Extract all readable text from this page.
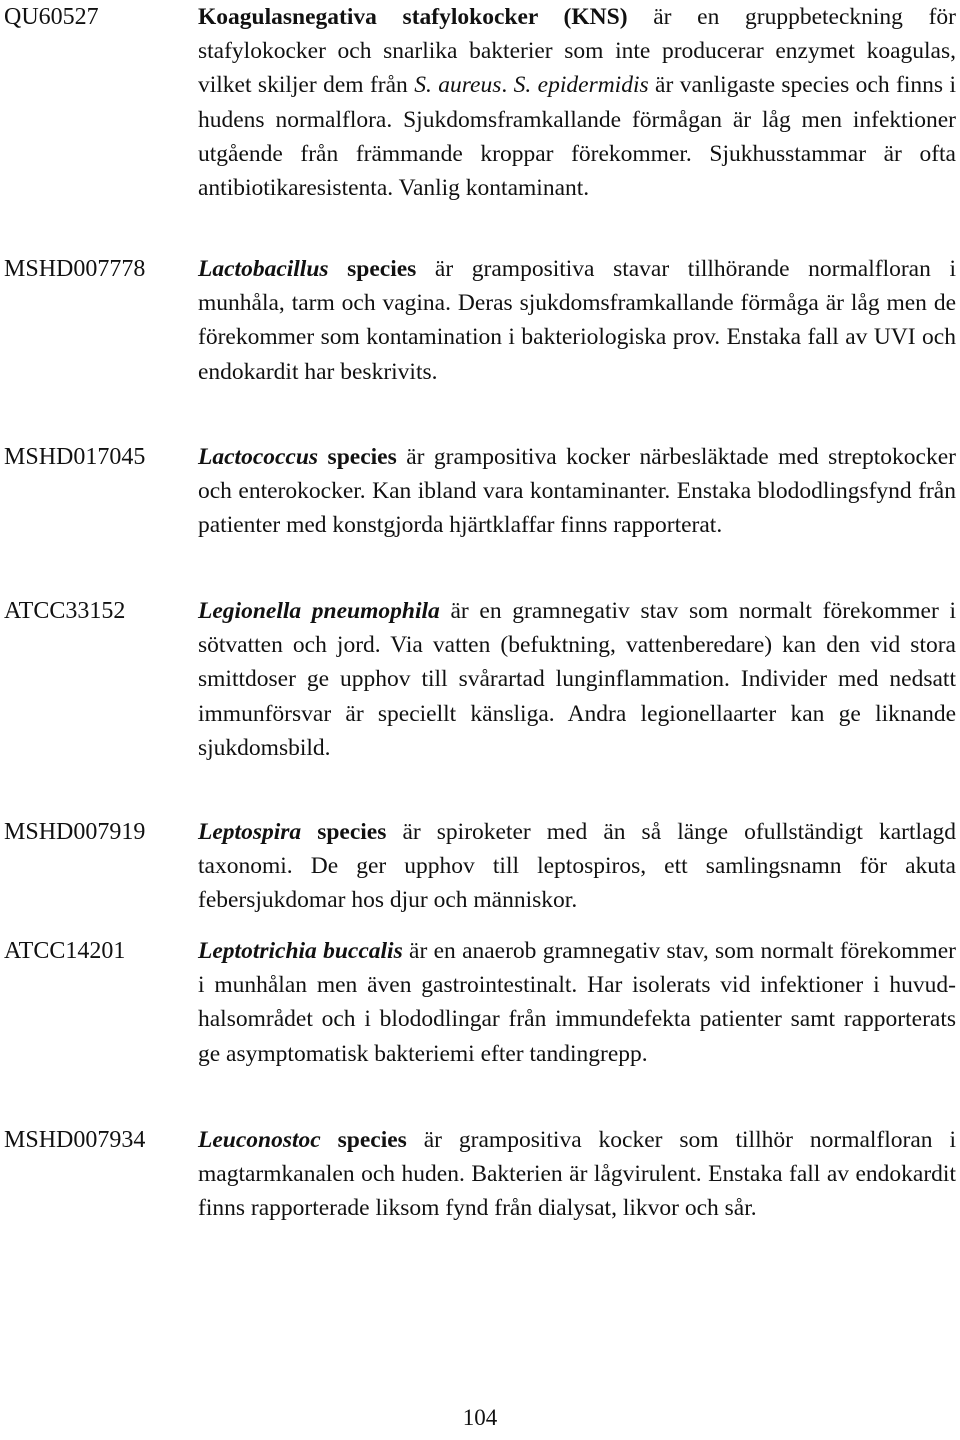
QU60527	Koagulasnegativa stafylokocker (KNS) är en gruppbeteckning för stafylokocker och snarlika bakterier som inte producerar enzymet koagulas, vilket skiljer dem från S. aureus. S. epidermidis är vanligaste species och finns i hudens normalflora. Sjukdomsframkallande förmågan är låg men infektioner utgående från främmande kroppar förekommer. Sjukhusstammar är ofta antibiotikaresistenta. Vanlig kontaminant.
MSHD007778 Lactobacillus species är grampositiva stavar tillhörande normalfloran i munhåla, tarm och vagina. Deras sjukdomsframkallande förmåga är låg men de förekommer som kontamination i bakteriologiska prov. Enstaka fall av UVI och endokardit har beskrivits.
MSHD017045 Lactococcus species är grampositiva kocker närbesläktade med streptokocker och enterokocker. Kan ibland vara kontaminanter. Enstaka blododlingsfynd från patienter med konstgjorda hjärtklaffar finns rapporterat.
ATCC33152	Legionella pneumophila är en gramnegativ stav som normalt förekommer i sötvatten och jord. Via vatten (befuktning, vattenberedare) kan den vid stora smittdoser ge upphov till svårartad lunginflammation. Individer med nedsatt immunförsvar är speciellt känsliga. Andra legionellaarter kan ge liknande sjukdomsbild.
MSHD007919 Leptospira species är spiroketer med än så länge ofullständigt kartlagd taxonomi. De ger upphov till leptospiros, ett samlingsnamn för akuta febersjukdomar hos djur och människor.
ATCC14201	Leptotrichia buccalis är en anaerob gramnegativ stav, som normalt förekommer i munhålan men även gastrointestinalt. Har isolerats vid infektioner i huvud-halsområdet och i blododlingar från immundefekta patienter samt rapporterats ge asymptomatisk bakteriemi efter tandingrepp.
MSHD007934 Leuconostoc species är grampositiva kocker som tillhör normalfloran i magtarmkanalen och huden. Bakterien är lågvirulent. Enstaka fall av endokardit finns rapporterade liksom fynd från dialysat, likvor och sår.
104
